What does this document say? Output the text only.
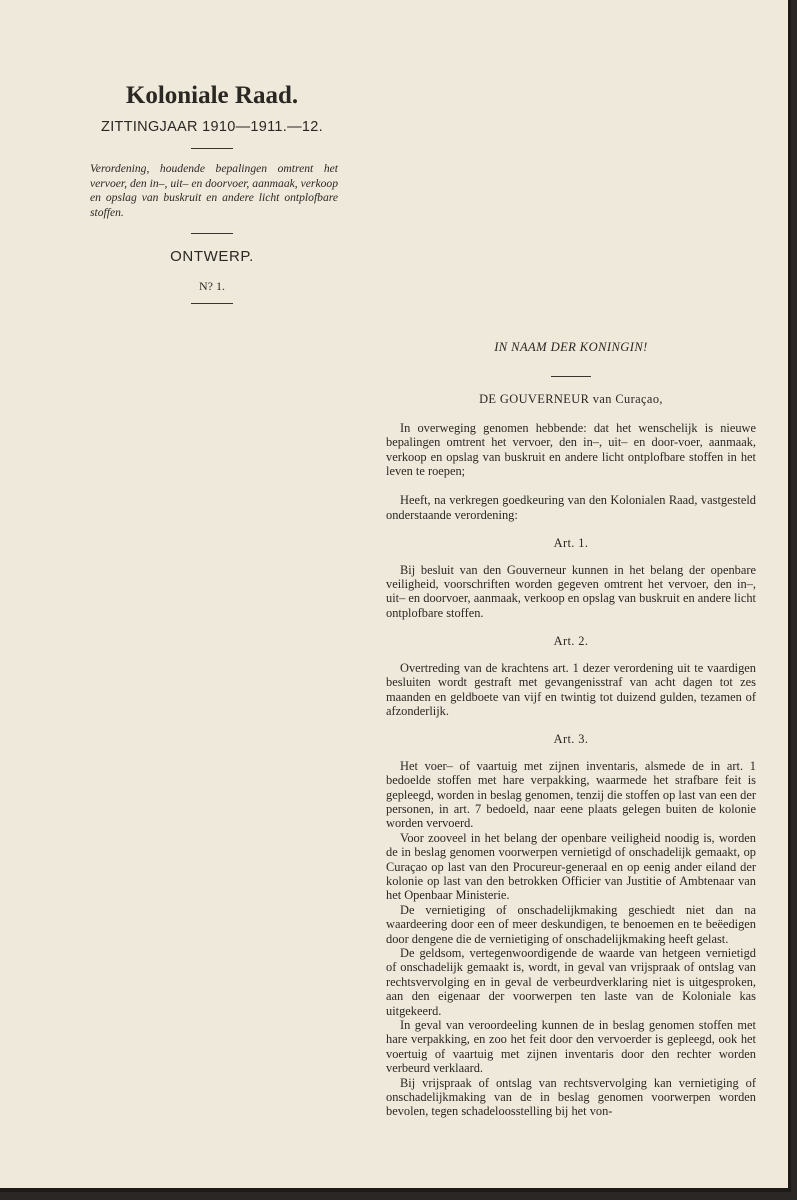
Koloniale Raad.
ZITTINGJAAR 1910—1911.—12.
Verordening, houdende bepalingen omtrent het vervoer, den in–, uit– en doorvoer, aanmaak, verkoop en opslag van buskruit en andere licht ontplofbare stoffen.
ONTWERP.
N? 1.
IN NAAM DER KONINGIN!
DE GOUVERNEUR van Curaçao,

In overweging genomen hebbende: dat het wenschelijk is nieuwe bepalingen omtrent het vervoer, den in–, uit– en door-voer, aanmaak, verkoop en opslag van buskruit en andere licht ontplofbare stoffen in het leven te roepen;

Heeft, na verkregen goedkeuring van den Kolonialen Raad, vastgesteld onderstaande verordening:

Art. 1.

Bij besluit van den Gouverneur kunnen in het belang der openbare veiligheid, voorschriften worden gegeven omtrent het vervoer, den in–, uit– en doorvoer, aanmaak, verkoop en opslag van buskruit en andere licht ontplofbare stoffen.

Art. 2.

Overtreding van de krachtens art. 1 dezer verordening uit te vaardigen besluiten wordt gestraft met gevangenisstraf van acht dagen tot zes maanden en geldboete van vijf en twintig tot duizend gulden, tezamen of afzonderlijk.

Art. 3.

Het voer– of vaartuig met zijnen inventaris, alsmede de in art. 1 bedoelde stoffen met hare verpakking, waarmede het strafbare feit is gepleegd, worden in beslag genomen, tenzij die stoffen op last van een der personen, in art. 7 bedoeld, naar eene plaats gelegen buiten de kolonie worden vervoerd.

Voor zooveel in het belang der openbare veiligheid noodig is, worden de in beslag genomen voorwerpen vernietigd of onschadelijk gemaakt, op Curaçao op last van den Procureur-generaal en op eenig ander eiland der kolonie op last van den betrokken Officier van Justitie of Ambtenaar van het Openbaar Ministerie.

De vernietiging of onschadelijkmaking geschiedt niet dan na waardeering door een of meer deskundigen, te benoemen en te beëedigen door dengene die de vernietiging of onschadelijkmaking heeft gelast.

De geldsom, vertegenwoordigende de waarde van hetgeen vernietigd of onschadelijk gemaakt is, wordt, in geval van vrijspraak of ontslag van rechtsvervolging en in geval de verbeurdverklaring niet is uitgesproken, aan den eigenaar der voorwerpen ten laste van de Koloniale kas uitgekeerd.

In geval van veroordeeling kunnen de in beslag genomen stoffen met hare verpakking, en zoo het feit door den vervoerder is gepleegd, ook het voertuig of vaartuig met zijnen inventaris door den rechter worden verbeurd verklaard.

Bij vrijspraak of ontslag van rechtsvervolging kan vernietiging of onschadelijkmaking van de in beslag genomen voorwerpen worden bevolen, tegen schadeloosstelling bij het von-
